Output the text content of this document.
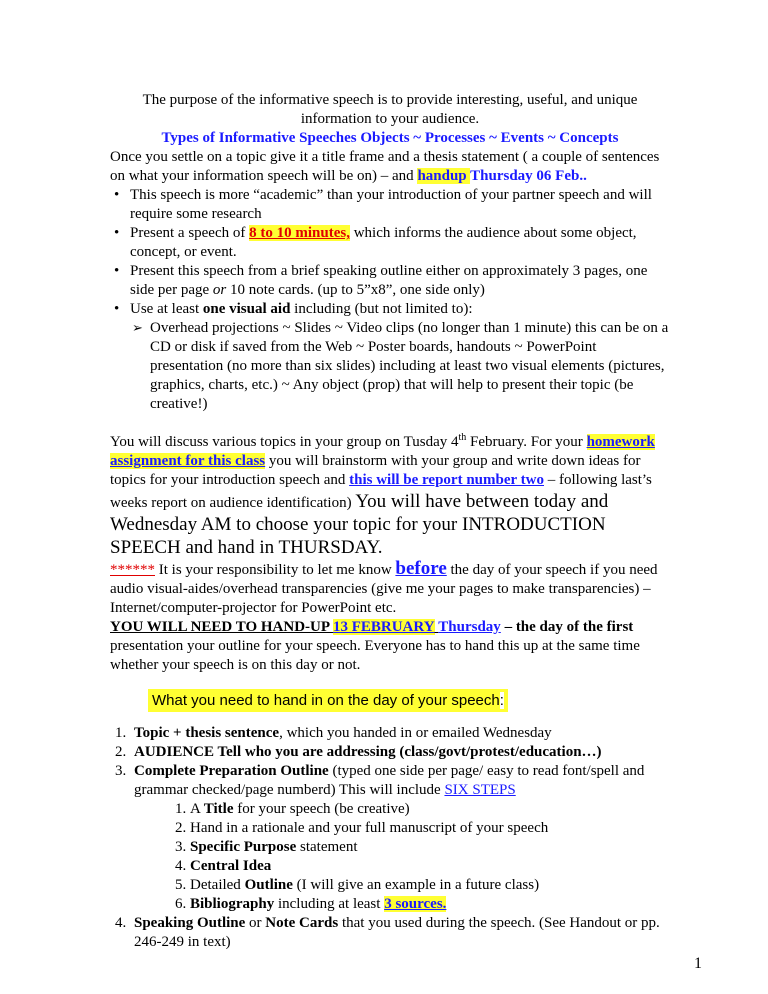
The purpose of the informative speech is to provide interesting, useful, and unique information to your audience.

Types of Informative Speeches Objects ~ Processes ~ Events ~ Concepts

Once you settle on a topic give it a title frame and a thesis statement ( a couple of sentences on what your information speech will be on) – and handup Thursday 06 Feb..

• This speech is more “academic” than your introduction of your partner speech and will require some research
• Present a speech of 8 to 10 minutes, which informs the audience about some object, concept, or event.
• Present this speech from a brief speaking outline either on approximately 3 pages, one side per page or 10 note cards. (up to 5”x8”, one side only)
• Use at least one visual aid including (but not limited to):
➢ Overhead projections ~ Slides ~ Video clips (no longer than 1 minute) this can be on a CD or disk if saved from the Web ~ Poster boards, handouts ~ PowerPoint presentation (no more than six slides) including at least two visual elements (pictures, graphics, charts, etc.) ~ Any object (prop) that will help to present their topic (be creative!)

You will discuss various topics in your group on Tusday 4th February. For your homework assignment for this class you will brainstorm with your group and write down ideas for topics for your introduction speech and this will be report number two – following last’s weeks report on audience identification) You will have between today and Wednesday AM to choose your topic for your INTRODUCTION SPEECH and hand in THURSDAY.

****** It is your responsibility to let me know before the day of your speech if you need audio visual-aides/overhead transparencies (give me your pages to make transparencies) – Internet/computer-projector for PowerPoint etc.

YOU WILL NEED TO HAND-UP 13 FEBRUARY Thursday – the day of the first

presentation your outline for your speech. Everyone has to hand this up at the same time whether your speech is on this day or not.

What you need to hand in on the day of your speech:
1. Topic + thesis sentence, which you handed in or emailed Wednesday
2. AUDIENCE Tell who you are addressing (class/govt/protest/education…)
3. Complete Preparation Outline (typed one side per page/ easy to read font/spell and grammar checked/page numberd) This will include SIX STEPS
1. A Title for your speech (be creative)
2. Hand in a rationale and your full manuscript of your speech
3. Specific Purpose statement
4. Central Idea
5. Detailed Outline (I will give an example in a future class)
6. Bibliography including at least 3 sources.
4. Speaking Outline or Note Cards that you used during the speech. (See Handout or pp. 246-249 in text)
1
